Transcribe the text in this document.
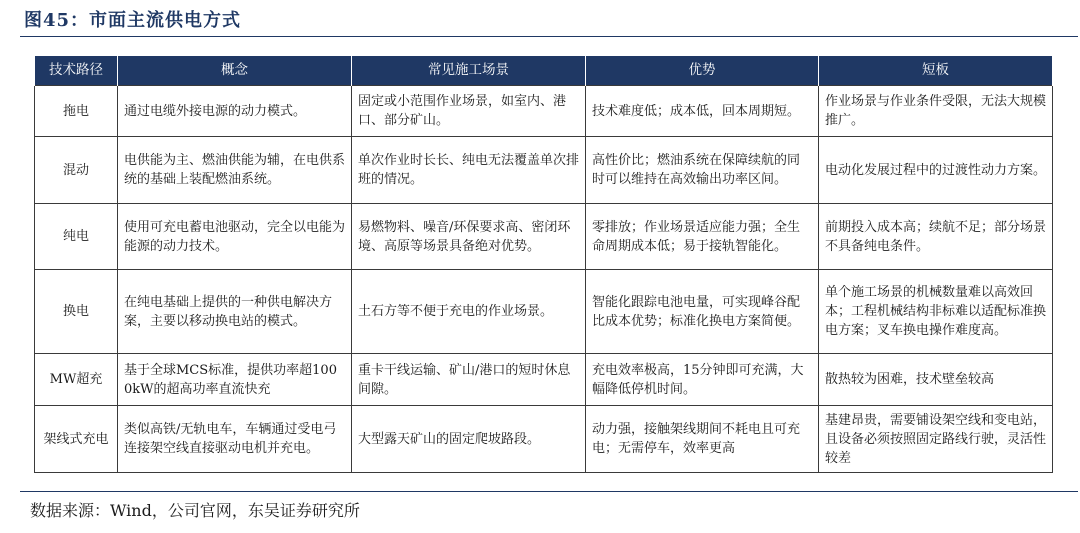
图45：市面主流供电方式
技术路径	概念	常见施工场景	优势	短板
拖电	通过电缆外接电源的动力模式。	固定或小范围作业场景，如室内、港口、部分矿山。	技术难度低；成本低，回本周期短。	作业场景与作业条件受限，无法大规模推广。
混动	电供能为主、燃油供能为辅，在电供系统的基础上装配燃油系统。	单次作业时长长、纯电无法覆盖单次排班的情况。	高性价比；燃油系统在保障续航的同时可以维持在高效输出功率区间。	电动化发展过程中的过渡性动力方案。
纯电	使用可充电蓄电池驱动，完全以电能为能源的动力技术。	易燃物料、噪音/环保要求高、密闭环境、高原等场景具备绝对优势。	零排放；作业场景适应能力强；全生命周期成本低；易于接轨智能化。	前期投入成本高；续航不足；部分场景不具备纯电条件。
换电	在纯电基础上提供的一种供电解决方案，主要以移动换电站的模式。	土石方等不便于充电的作业场景。	智能化跟踪电池电量，可实现峰谷配比成本优势；标准化换电方案简便。	单个施工场景的机械数量难以高效回本；工程机械结构非标难以适配标准换电方案；叉车换电操作难度高。
MW超充	基于全球MCS标准，提供功率超1000kW的超高功率直流快充	重卡干线运输、矿山/港口的短时休息间隙。	充电效率极高，15分钟即可充满，大幅降低停机时间。	散热较为困难，技术壁垒较高
架线式充电	类似高铁/无轨电车，车辆通过受电弓连接架空线直接驱动电机并充电。	大型露天矿山的固定爬坡路段。	动力强，接触架线期间不耗电且可充电；无需停车，效率更高	基建昂贵，需要铺设架空线和变电站，且设备必须按照固定路线行驶，灵活性较差
数据来源：Wind，公司官网，东吴证券研究所
